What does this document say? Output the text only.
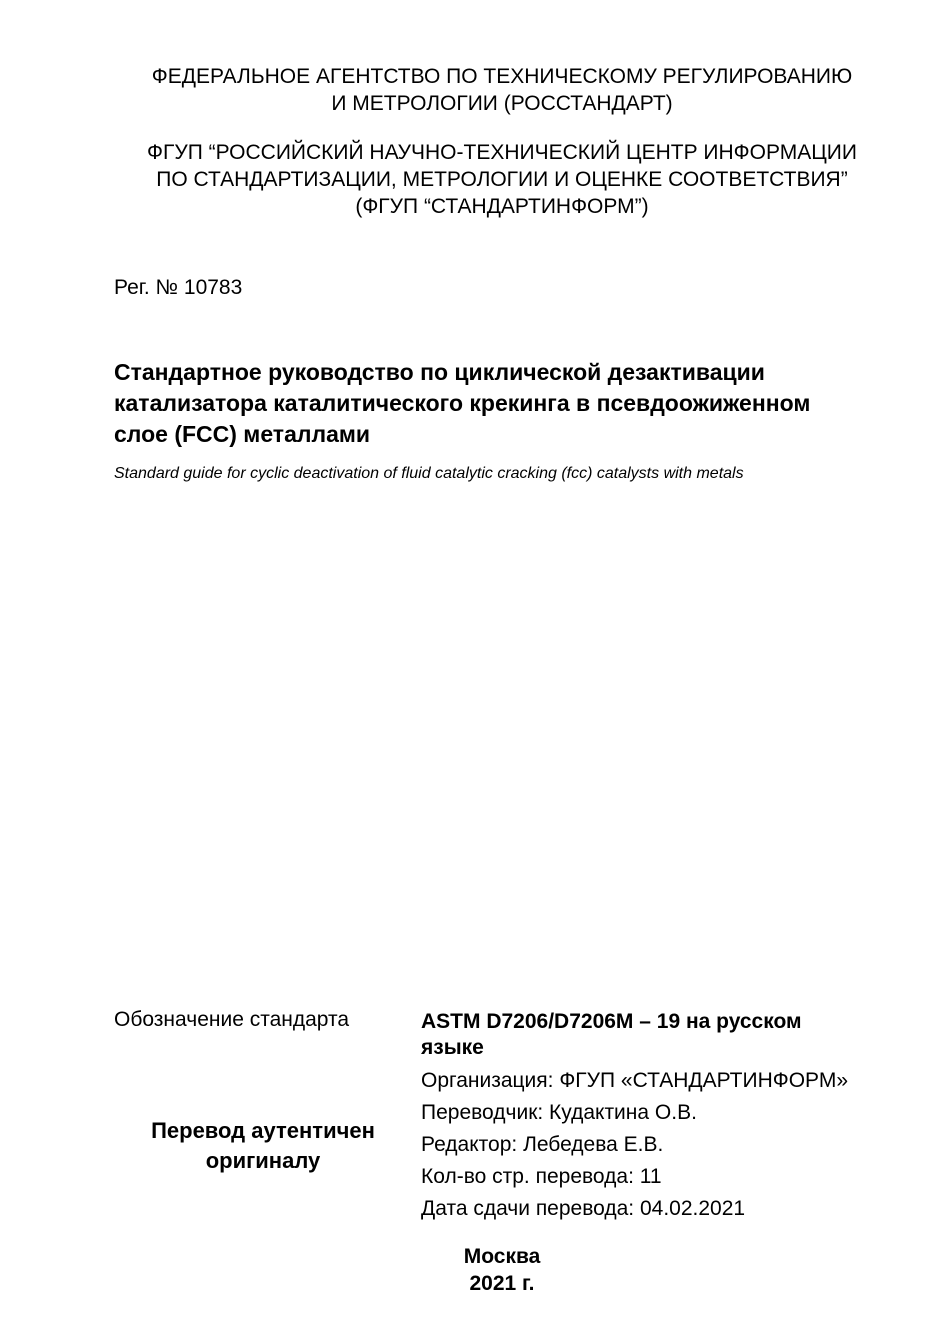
ФЕДЕРАЛЬНОЕ АГЕНТСТВО ПО ТЕХНИЧЕСКОМУ РЕГУЛИРОВАНИЮ
И МЕТРОЛОГИИ (РОССТАНДАРТ)
ФГУП “РОССИЙСКИЙ НАУЧНО-ТЕХНИЧЕСКИЙ ЦЕНТР ИНФОРМАЦИИ
ПО СТАНДАРТИЗАЦИИ, МЕТРОЛОГИИ И ОЦЕНКЕ СООТВЕТСТВИЯ”
(ФГУП “СТАНДАРТИНФОРМ”)
Рег. № 10783
Стандартное руководство по циклической дезактивации
катализатора каталитического крекинга в псевдоожиженном
слое (FCC) металлами
Standard guide for cyclic deactivation of fluid catalytic cracking (fcc) catalysts with metals
Обозначение стандарта	ASTM D7206/D7206M – 19 на русском
языке
Организация: ФГУП «СТАНДАРТИНФОРМ»
Переводчик: Кудактина О.В.
Редактор: Лебедева Е.В.
Кол-во стр. перевода: 11
Дата сдачи перевода: 04.02.2021
Перевод аутентичен
оригиналу
Москва
2021 г.
